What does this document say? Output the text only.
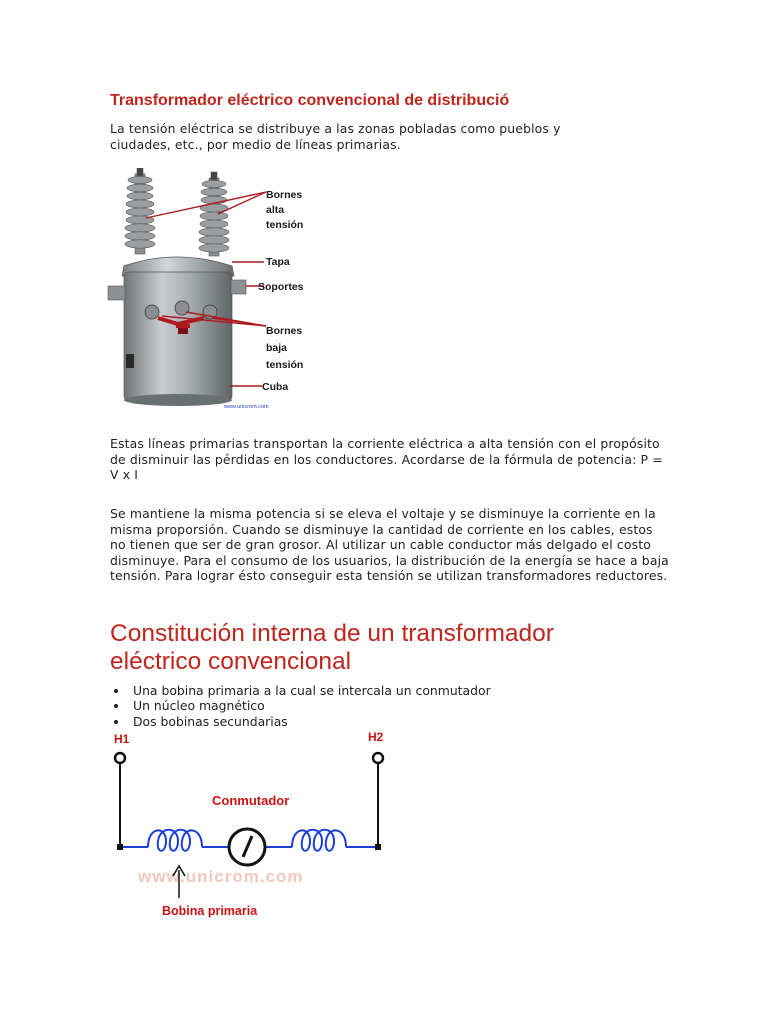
Transformador eléctrico convencional de distribució

La tensión eléctrica se distribuye a las zonas pobladas como pueblos y ciudades, etc., por medio de líneas primarias.

Bornes
alta
tensión
Tapa
Soportes
Bornes
baja
tensión
Cuba
www.unicrom.com

Estas líneas primarias transportan la corriente eléctrica a alta tensión con el propósito de disminuir las pérdidas en los conductores. Acordarse de la fórmula de potencia: P = V x I

Se mantiene la misma potencia si se eleva el voltaje y se disminuye la corriente en la misma proporsión. Cuando se disminuye la cantidad de corriente en los cables, estos no tienen que ser de gran grosor. Al utilizar un cable conductor más delgado el costo disminuye. Para el consumo de los usuarios, la distribución de la energía se hace a baja tensión. Para lograr ésto conseguir esta tensión se utilizan transformadores reductores.

Constitución interna de un transformador eléctrico convencional
Una bobina primaria a la cual se intercala un conmutador
Un núcleo magnético
Dos bobinas secundarias
H1	H2
Conmutador
www.unicrom.com
Bobina primaria
